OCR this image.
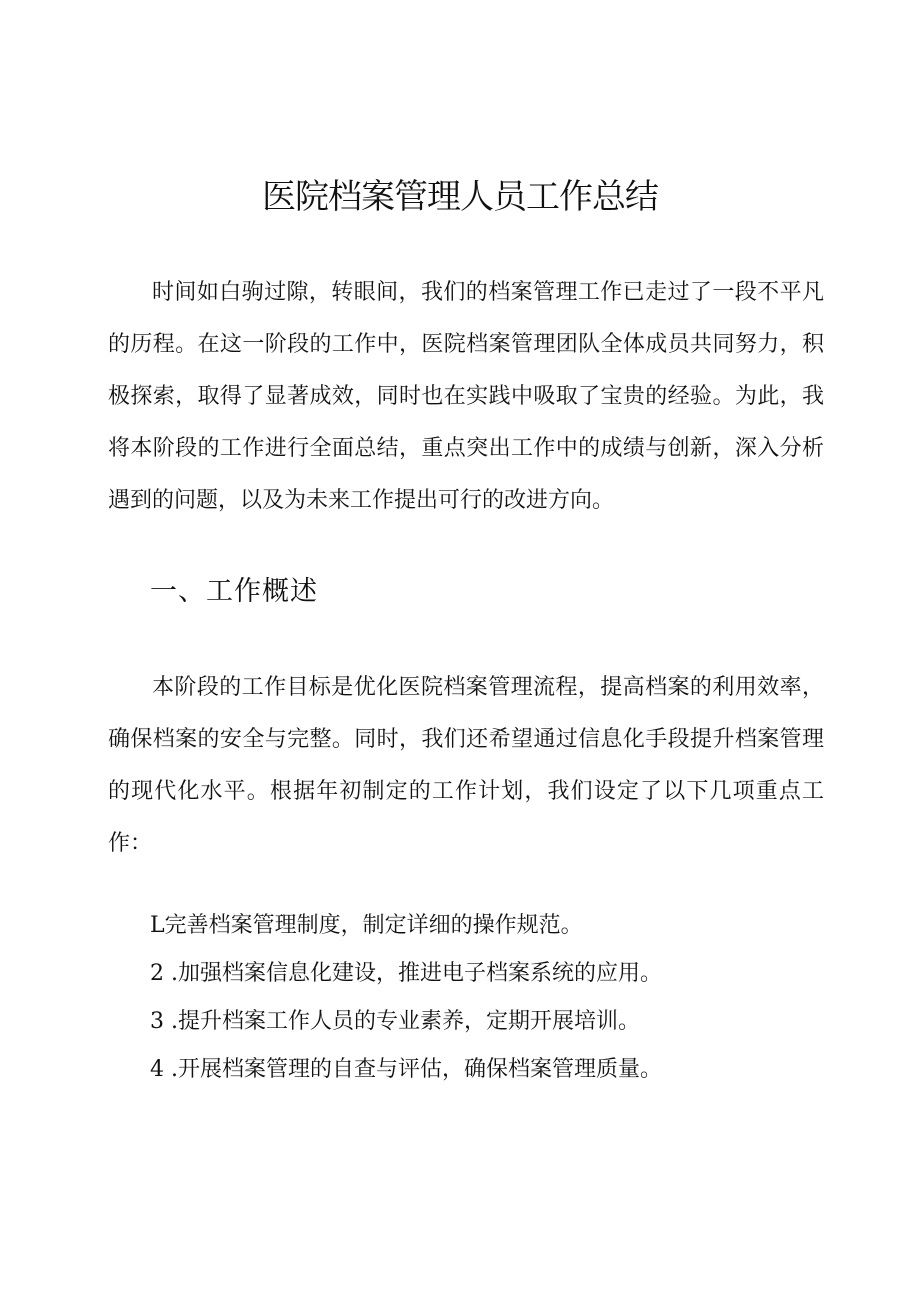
医院档案管理人员工作总结

时间如白驹过隙，转眼间，我们的档案管理工作已走过了一段不平凡的历程。在这一阶段的工作中，医院档案管理团队全体成员共同努力，积极探索，取得了显著成效，同时也在实践中吸取了宝贵的经验。为此，我将本阶段的工作进行全面总结，重点突出工作中的成绩与创新，深入分析遇到的问题，以及为未来工作提出可行的改进方向。

一、工作概述

本阶段的工作目标是优化医院档案管理流程，提高档案的利用效率，确保档案的安全与完整。同时，我们还希望通过信息化手段提升档案管理的现代化水平。根据年初制定的工作计划，我们设定了以下几项重点工作：

L完善档案管理制度，制定详细的操作规范。
2 .加强档案信息化建设，推进电子档案系统的应用。
3 .提升档案工作人员的专业素养，定期开展培训。
4 .开展档案管理的自查与评估，确保档案管理质量。
